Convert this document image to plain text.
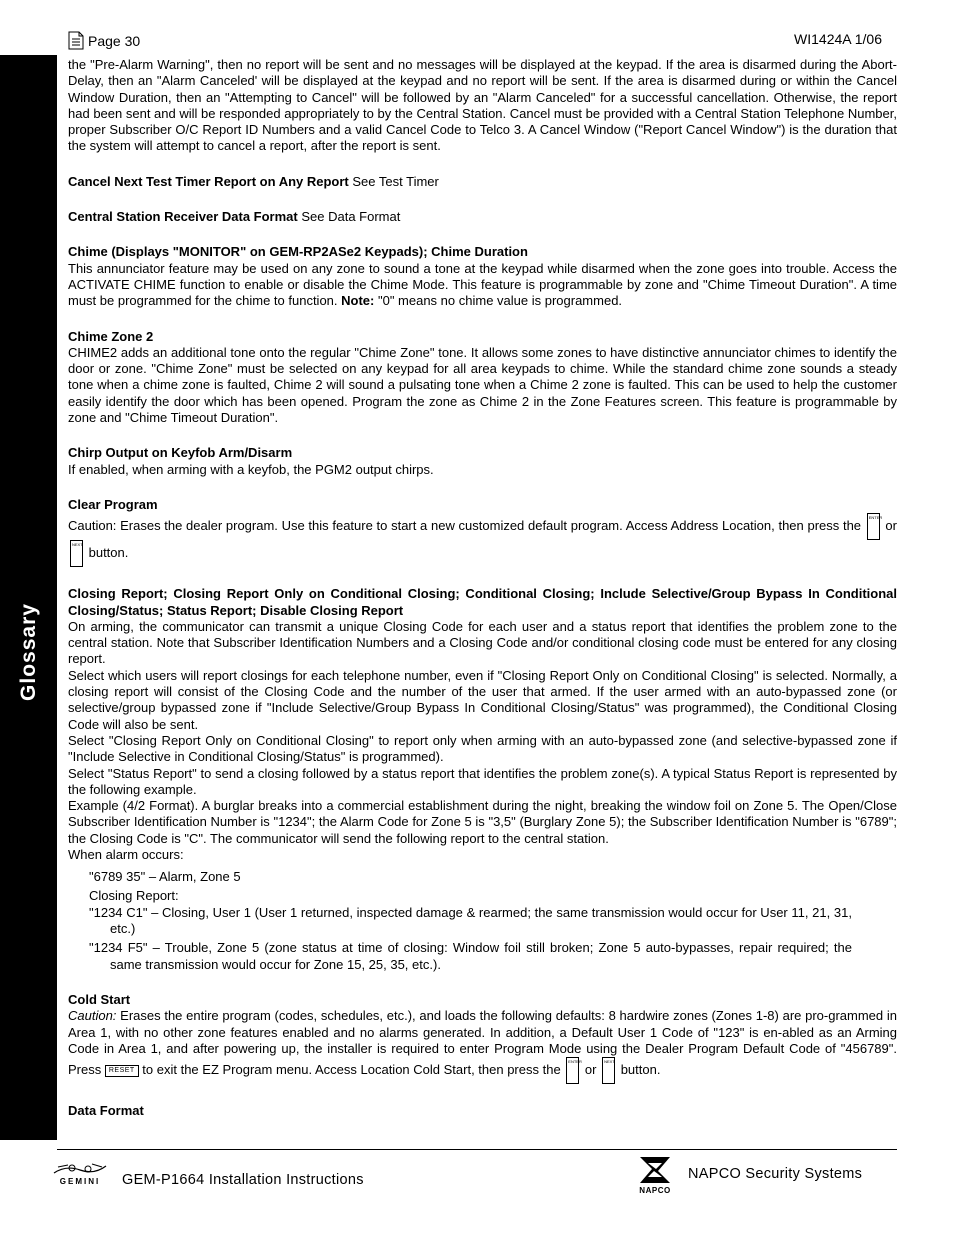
Page 30	WI1424A 1/06
Glossary

the "Pre-Alarm Warning", then no report will be sent and no messages will be displayed at the keypad. If the area is disarmed during the Abort-Delay, then an "Alarm Canceled' will be displayed at the keypad and no report will be sent. If the area is disarmed during or within the Cancel Window Duration, then an "Attempting to Cancel" will be followed by an "Alarm Canceled" for a successful cancellation. Otherwise, the report had been sent and will be responded appropriately to by the Central Station. Cancel must be provided with a Central Station Telephone Number, proper Subscriber O/C Report ID Numbers and a valid Cancel Code to Telco 3. A Cancel Window ("Report Cancel Window") is the duration that the system will attempt to cancel a report, after the report is sent.

Cancel Next Test Timer Report on Any Report See Test Timer

Central Station Receiver Data Format See Data Format

Chime (Displays "MONITOR" on GEM-RP2ASe2 Keypads); Chime Duration

This annunciator feature may be used on any zone to sound a tone at the keypad while disarmed when the zone goes into trouble. Access the ACTIVATE CHIME function to enable or disable the Chime Mode. This feature is programmable by zone and "Chime Timeout Duration". A time must be programmed for the chime to function. Note: "0" means no chime value is programmed.

Chime Zone 2

CHIME2 adds an additional tone onto the regular "Chime Zone" tone. It allows some zones to have distinctive annunciator chimes to identify the door or zone. "Chime Zone" must be selected on any keypad for all area keypads to chime. While the standard chime zone sounds a steady tone when a chime zone is faulted, Chime 2 will sound a pulsating tone when a Chime 2 zone is faulted. This can be used to help the customer easily identify the door which has been opened. Program the zone as Chime 2 in the Zone Features screen. This feature is programmable by zone and "Chime Timeout Duration".

Chirp Output on Keyfob Arm/Disarm

If enabled, when arming with a keyfob, the PGM2 output chirps.

Clear Program

Caution: Erases the dealer program. Use this feature to start a new customized default program. Access Address Location, then press the
ENTER
or
NEXT
button.

Closing Report; Closing Report Only on Conditional Closing; Conditional Closing; Include Selective/Group Bypass In Conditional Closing/Status; Status Report; Disable Closing Report

On arming, the communicator can transmit a unique Closing Code for each user and a status report that identifies the problem zone to the central station. Note that Subscriber Identification Numbers and a Closing Code and/or conditional closing code must be entered for any closing report.

Select which users will report closings for each telephone number, even if "Closing Report Only on Conditional Closing" is selected. Normally, a closing report will consist of the Closing Code and the number of the user that armed. If the user armed with an auto-bypassed zone (or selective/group bypassed zone if "Include Selective/Group Bypass In Conditional Closing/Status" was programmed), the Conditional Closing Code will also be sent.

Select "Closing Report Only on Conditional Closing" to report only when arming with an auto-bypassed zone (and selective-bypassed zone if "Include Selective in Conditional Closing/Status" is programmed).

Select "Status Report" to send a closing followed by a status report that identifies the problem zone(s). A typical Status Report is represented by the following example.

Example (4/2 Format). A burglar breaks into a commercial establishment during the night, breaking the window foil on Zone 5. The Open/Close Subscriber Identification Number is "1234"; the Alarm Code for Zone 5 is "3,5" (Burglary Zone 5); the Subscriber Identification Number is "6789"; the Closing Code is "C". The communicator will send the following report to the central station.

When alarm occurs:

"6789 35" – Alarm, Zone 5

Closing Report:

"1234 C1" – Closing, User 1 (User 1 returned, inspected damage & rearmed; the same transmission would occur for User 11, 21, 31, etc.)

"1234 F5" – Trouble, Zone 5 (zone status at time of closing: Window foil still broken; Zone 5 auto-bypasses, repair required; the same transmission would occur for Zone 15, 25, 35, etc.).

Cold Start

Caution: Erases the entire program (codes, schedules, etc.), and loads the following defaults: 8 hardwire zones (Zones 1-8) are pro-grammed in Area 1, with no other zone features enabled and no alarms generated. In addition, a Default User 1 Code of "123" is en-abled as an Arming Code in Area 1, and after powering up, the installer is required to enter Program Mode using the Dealer Program Default Code of "456789". Press RESET to exit the EZ Program menu. Access Location Cold Start, then press the
ENTER
or
NEXT
button.

Data Format

GEMINI GEM-P1664 Installation Instructions
NAPCO
NAPCO Security Systems
